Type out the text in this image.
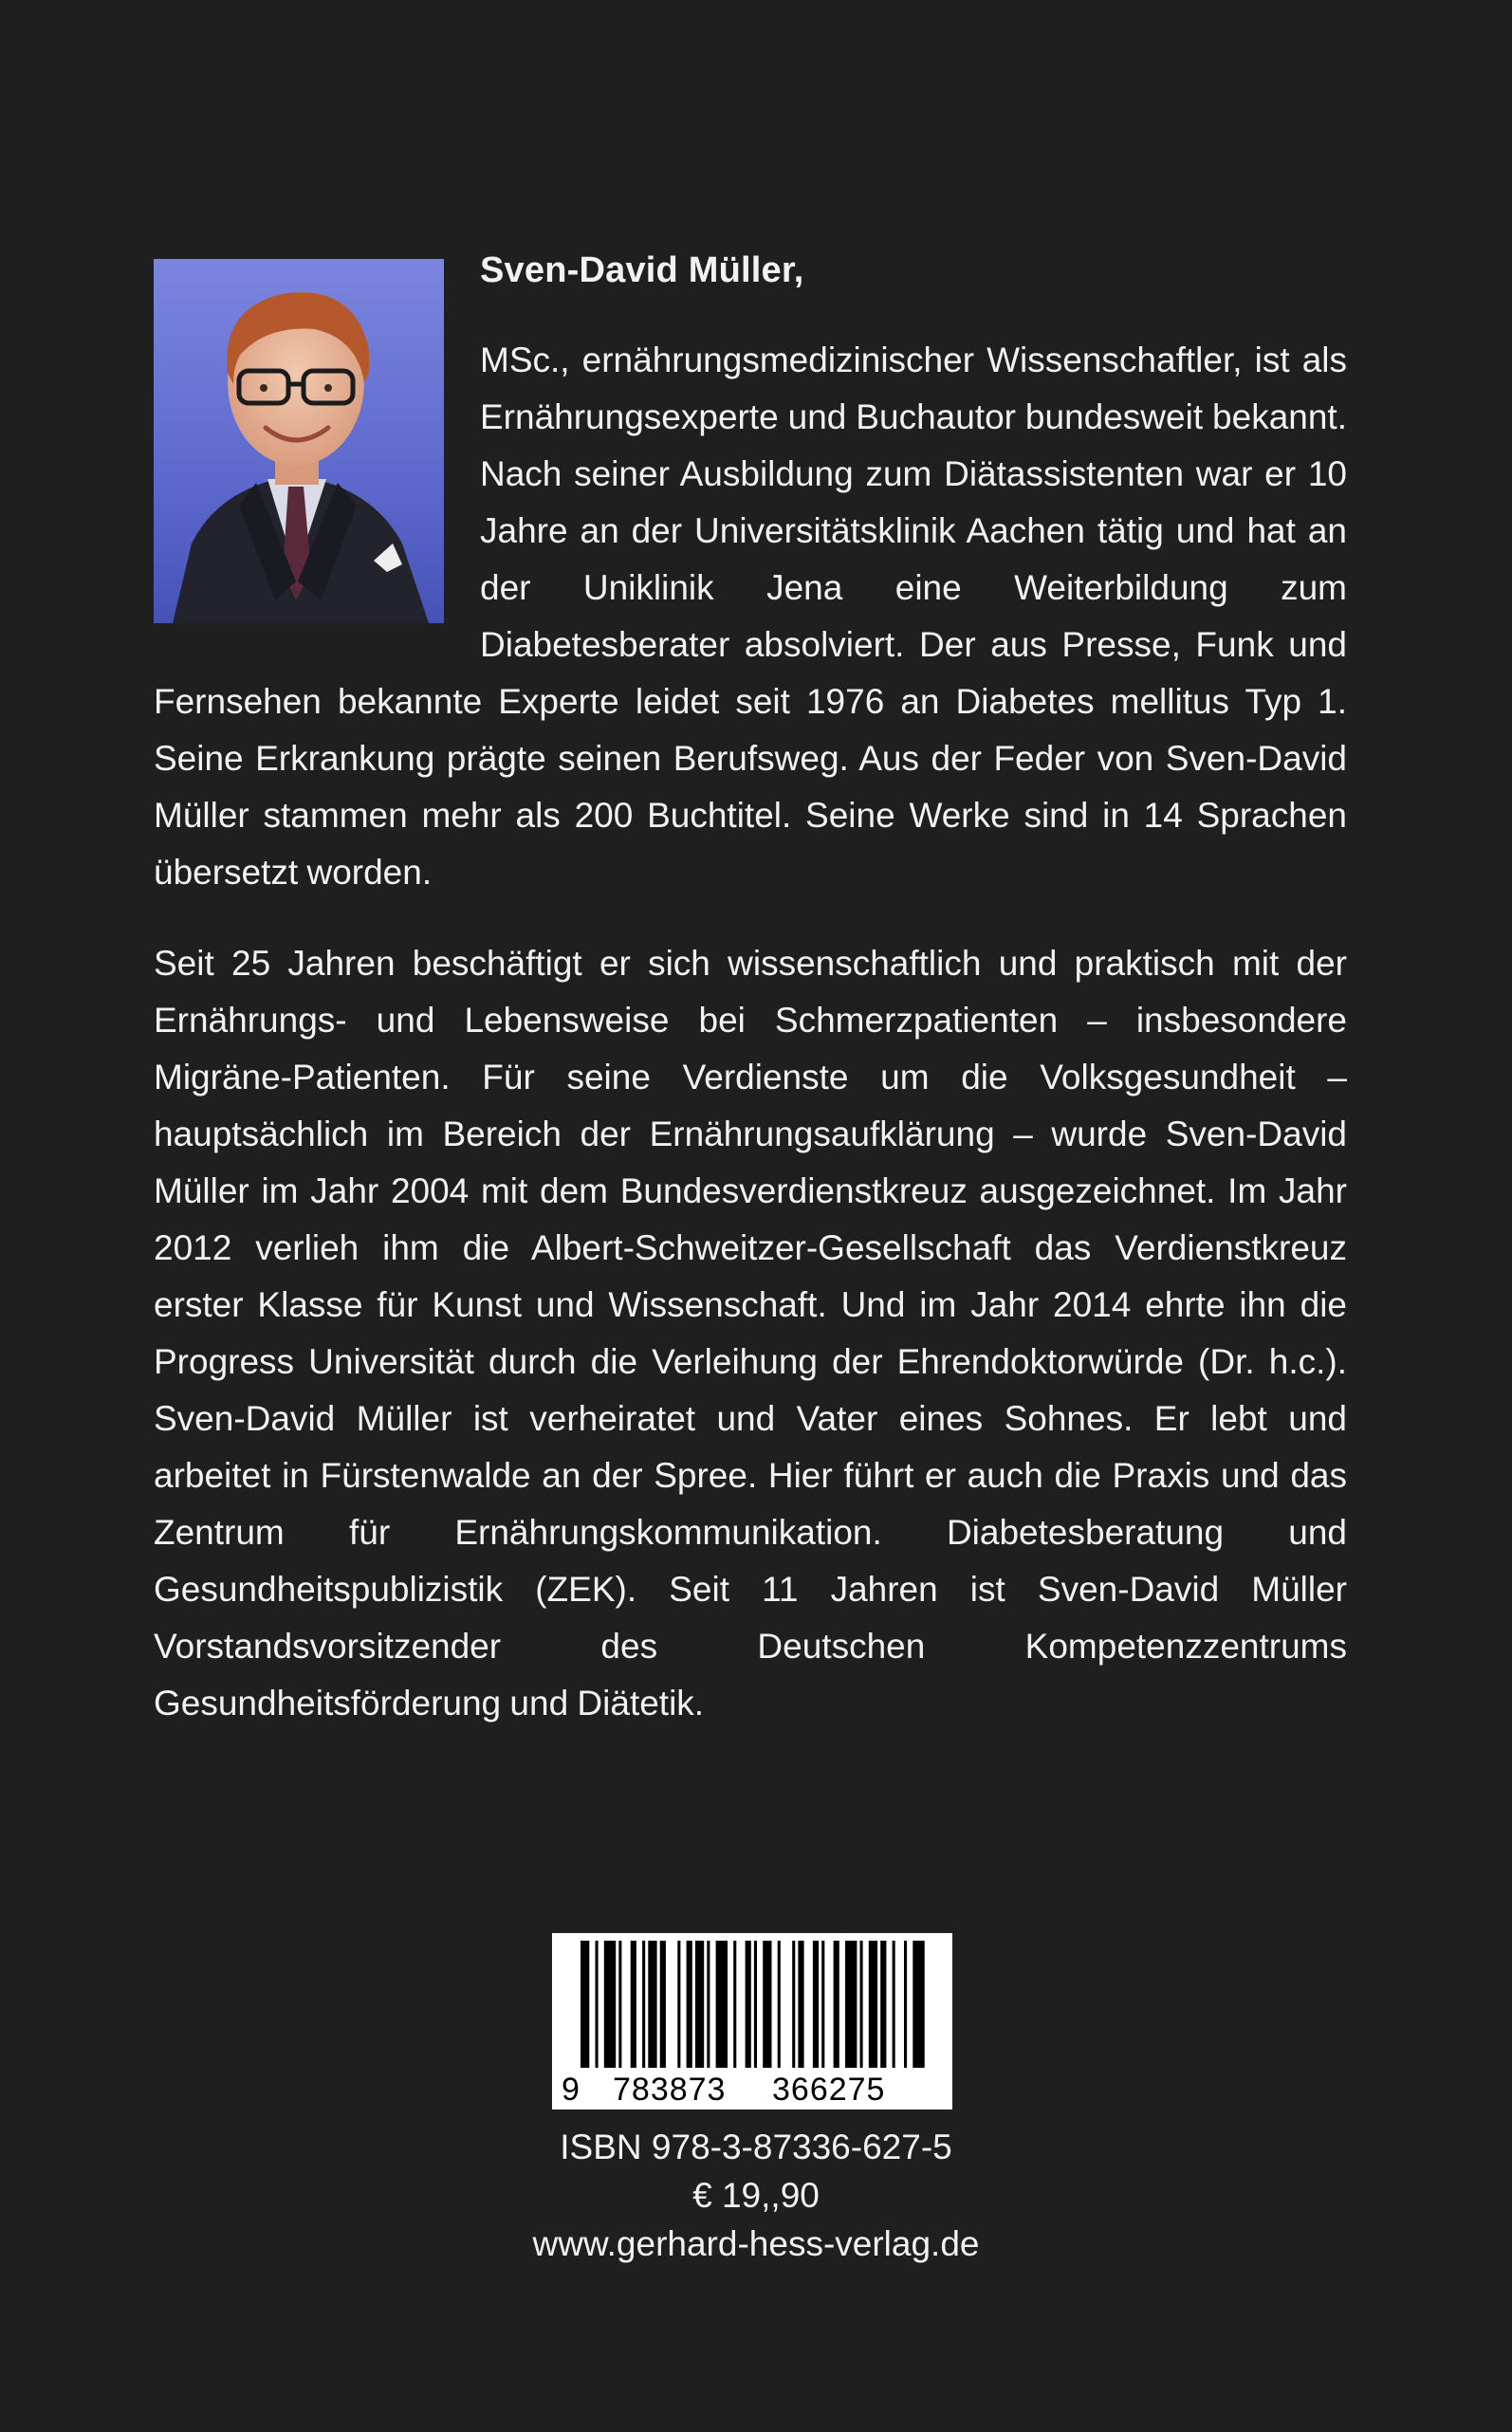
Sven-David Müller,

MSc., ernährungsmedizinischer Wissenschaftler, ist als Ernährungsexperte und Buchautor bundesweit bekannt. Nach seiner Ausbildung zum Diätassistenten war er 10 Jahre an der Universitätsklinik Aachen tätig und hat an der Uniklinik Jena eine Weiterbildung zum Diabetesberater absolviert. Der aus Presse, Funk und Fernsehen bekannte Experte leidet seit 1976 an Diabetes mellitus Typ 1. Seine Erkrankung prägte seinen Berufsweg. Aus der Feder von Sven-David Müller stammen mehr als 200 Buchtitel. Seine Werke sind in 14 Sprachen übersetzt worden.

Seit 25 Jahren beschäftigt er sich wissenschaftlich und praktisch mit der Ernährungs- und Lebensweise bei Schmerzpatienten – insbesondere Migräne-Patienten. Für seine Verdienste um die Volksgesundheit – hauptsächlich im Bereich der Ernährungsaufklärung – wurde Sven-David Müller im Jahr 2004 mit dem Bundesverdienstkreuz ausgezeichnet. Im Jahr 2012 verlieh ihm die Albert-Schweitzer-Gesellschaft das Verdienstkreuz erster Klasse für Kunst und Wissenschaft. Und im Jahr 2014 ehrte ihn die Progress Universität durch die Verleihung der Ehrendoktorwürde (Dr. h.c.). Sven-David Müller ist verheiratet und Vater eines Sohnes. Er lebt und arbeitet in Fürstenwalde an der Spree. Hier führt er auch die Praxis und das Zentrum für Ernährungskommunikation. Diabetesberatung und Gesundheitspublizistik (ZEK). Seit 11 Jahren ist Sven-David Müller Vorstandsvorsitzender des Deutschen Kompetenzzentrums Gesundheitsförderung und Diätetik.

9 783873 366275
ISBN 978-3-87336-627-5
€ 19,,90
www.gerhard-hess-verlag.de
